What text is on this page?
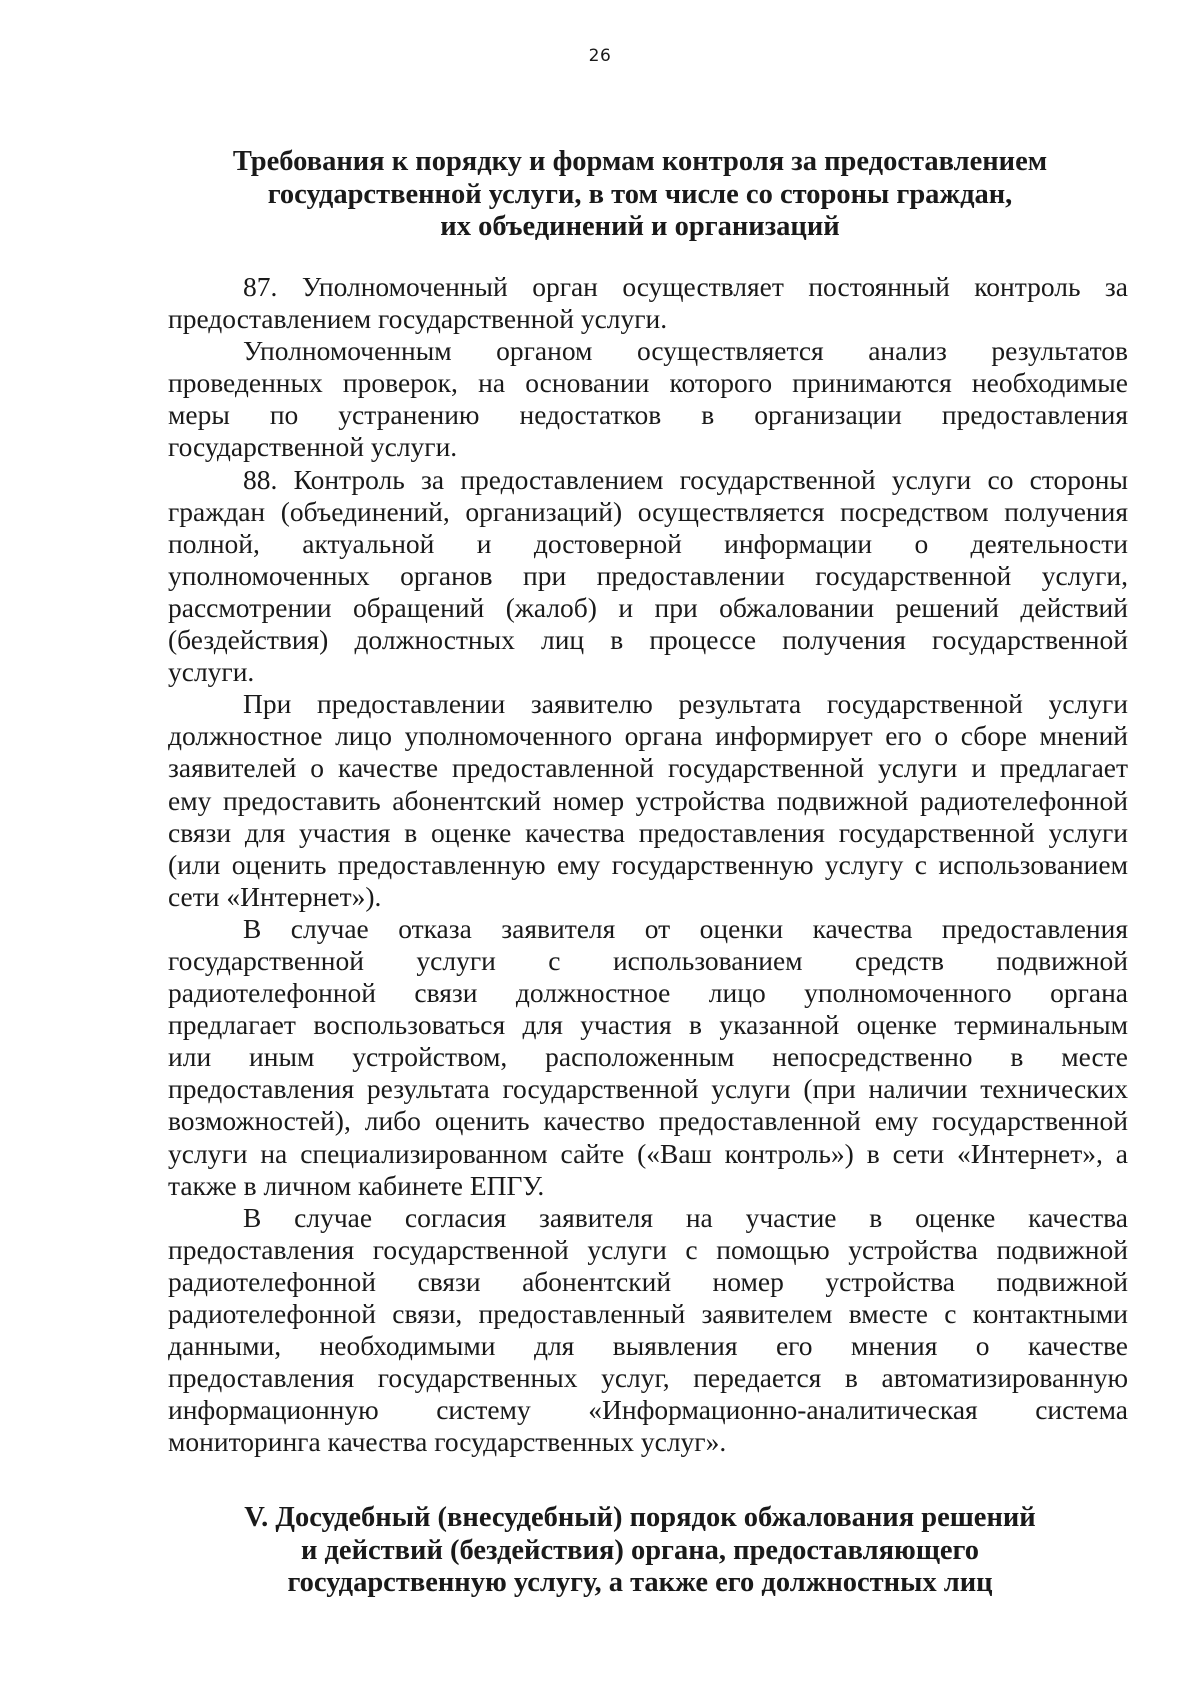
26
Требования к порядку и формам контроля за предоставлением
государственной услуги, в том числе со стороны граждан,
их объединений и организаций
87. Уполномоченный орган осуществляет постоянный контроль за
предоставлением государственной услуги.
Уполномоченным органом осуществляется анализ результатов
проведенных проверок, на основании которого принимаются необходимые
меры по устранению недостатков в организации предоставления
государственной услуги.
88. Контроль за предоставлением государственной услуги со стороны
граждан (объединений, организаций) осуществляется посредством получения
полной, актуальной и достоверной информации о деятельности
уполномоченных органов при предоставлении государственной услуги,
рассмотрении обращений (жалоб) и при обжаловании решений действий
(бездействия) должностных лиц в процессе получения государственной
услуги.
При предоставлении заявителю результата государственной услуги
должностное лицо уполномоченного органа информирует его о сборе мнений
заявителей о качестве предоставленной государственной услуги и предлагает
ему предоставить абонентский номер устройства подвижной радиотелефонной
связи для участия в оценке качества предоставления государственной услуги
(или оценить предоставленную ему государственную услугу с использованием
сети «Интернет»).
В случае отказа заявителя от оценки качества предоставления
государственной услуги с использованием средств подвижной
радиотелефонной связи должностное лицо уполномоченного органа
предлагает воспользоваться для участия в указанной оценке терминальным
или иным устройством, расположенным непосредственно в месте
предоставления результата государственной услуги (при наличии технических
возможностей), либо оценить качество предоставленной ему государственной
услуги на специализированном сайте («Ваш контроль») в сети «Интернет», а
также в личном кабинете ЕПГУ.
В случае согласия заявителя на участие в оценке качества
предоставления государственной услуги с помощью устройства подвижной
радиотелефонной связи абонентский номер устройства подвижной
радиотелефонной связи, предоставленный заявителем вместе с контактными
данными, необходимыми для выявления его мнения о качестве
предоставления государственных услуг, передается в автоматизированную
информационную систему «Информационно-аналитическая система
мониторинга качества государственных услуг».
V. Досудебный (внесудебный) порядок обжалования решений
и действий (бездействия) органа, предоставляющего
государственную услугу, а также его должностных лиц
